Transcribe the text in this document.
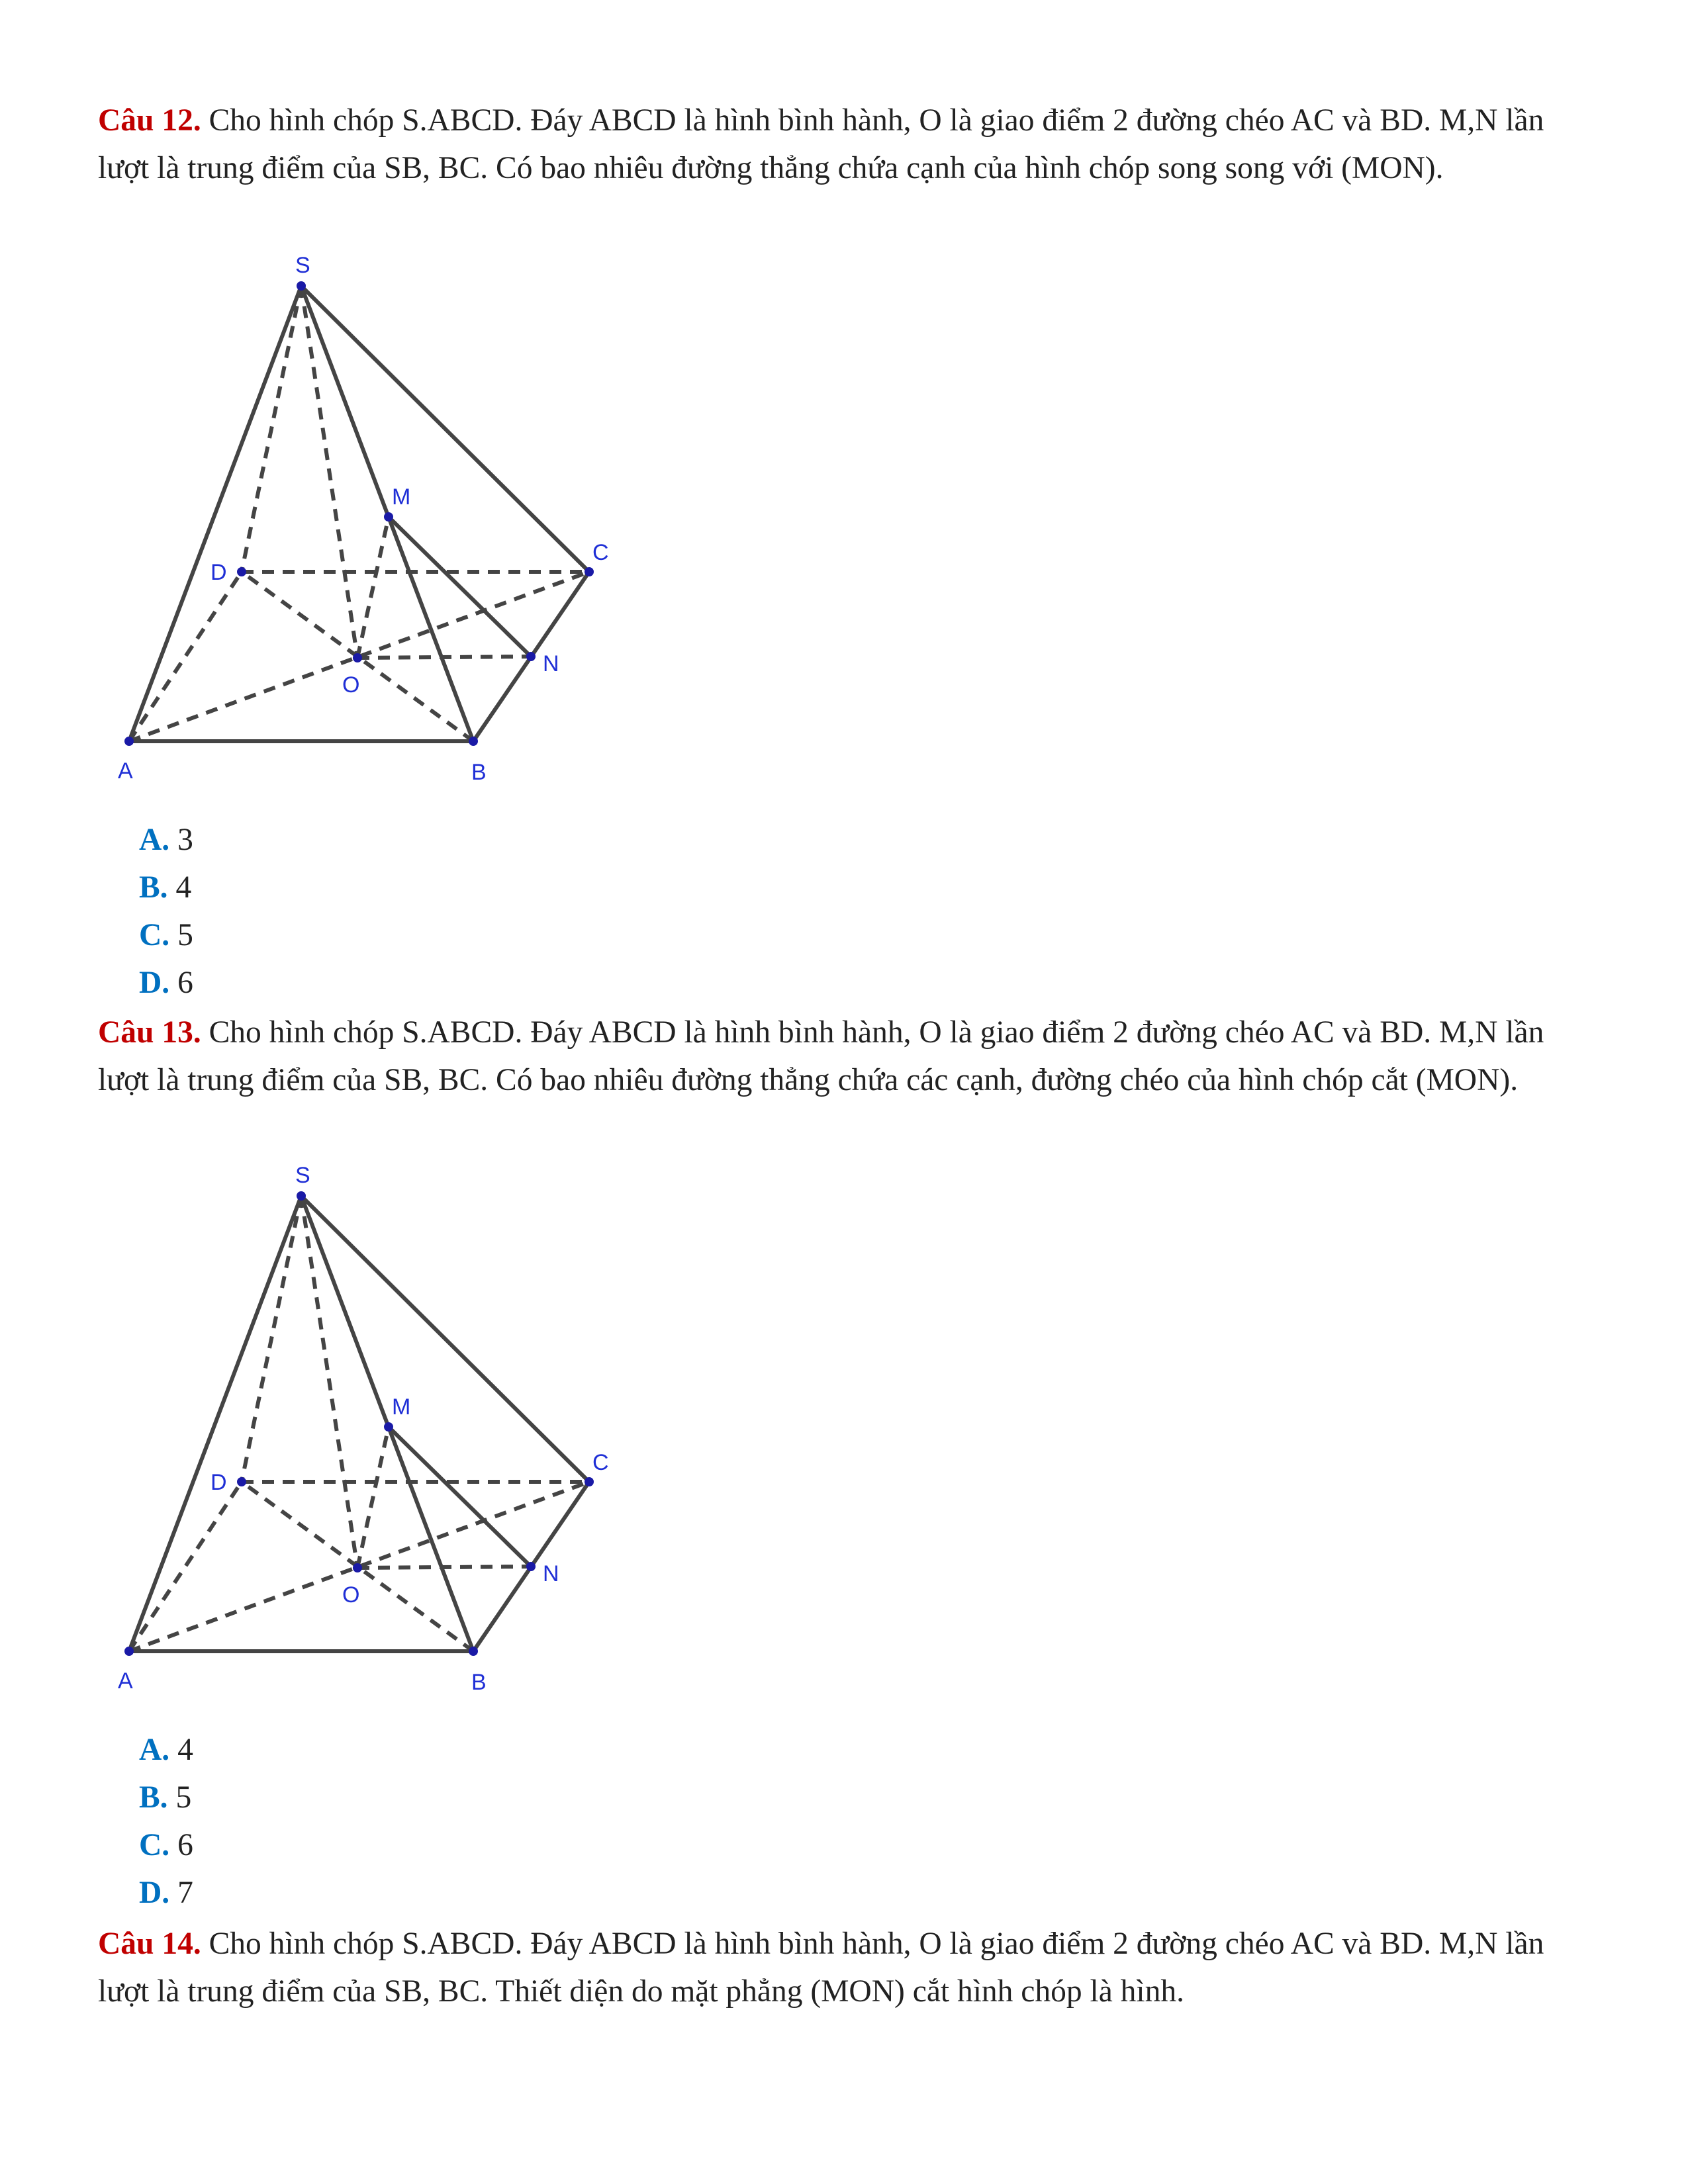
Câu 12. Cho hình chóp S.ABCD. Đáy ABCD là hình bình hành, O là giao điểm 2 đường chéo AC và BD. M,N lần lượt là trung điểm của SB, BC. Có bao nhiêu đường thẳng chứa cạnh của hình chóp song song với (MON).

S
M
C
D
N
O
A	B
A. 3
B. 4
C. 5
D. 6

Câu 13. Cho hình chóp S.ABCD. Đáy ABCD là hình bình hành, O là giao điểm 2 đường chéo AC và BD. M,N lần lượt là trung điểm của SB, BC. Có bao nhiêu đường thẳng chứa các cạnh, đường chéo của hình chóp cắt (MON).

S
M
C
D
N
O
A	B
A. 4
B. 5
C. 6
D. 7

Câu 14. Cho hình chóp S.ABCD. Đáy ABCD là hình bình hành, O là giao điểm 2 đường chéo AC và BD. M,N lần lượt là trung điểm của SB, BC. Thiết diện do mặt phẳng (MON) cắt hình chóp là hình.
